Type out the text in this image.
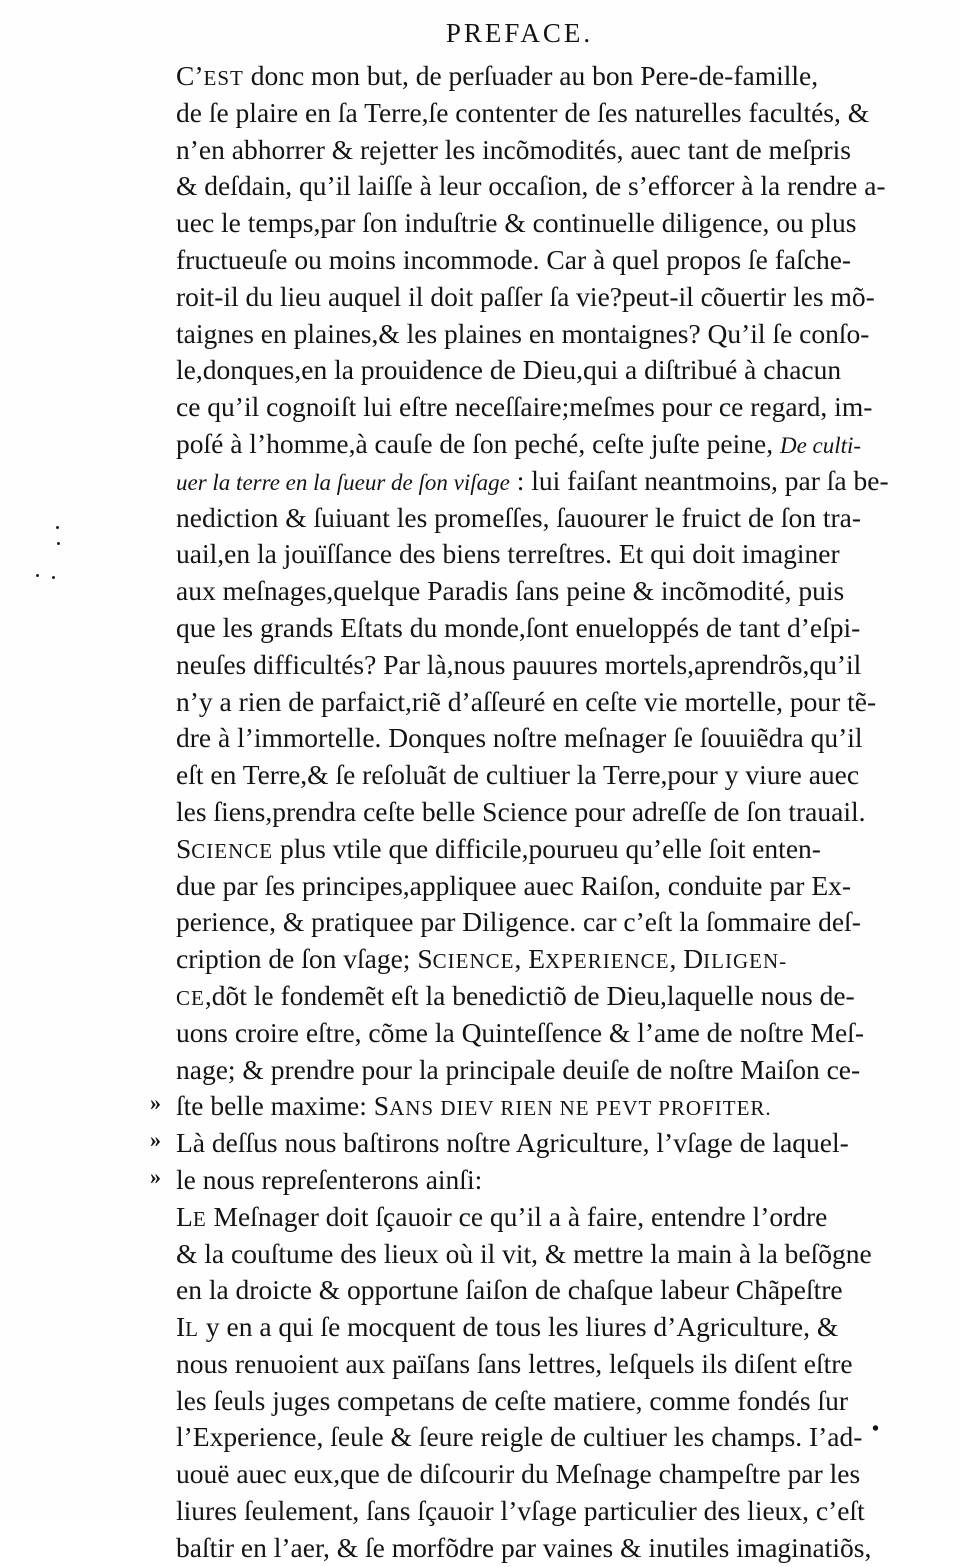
PREFACE.
C’EST donc mon but, de perſuader au bon Pere-de-famille,
de ſe plaire en ſa Terre,ſe contenter de ſes naturelles facultés, &
n’en abhorrer & rejetter les incõmodités, auec tant de meſpris
& deſdain, qu’il laiſſe à leur occaſion, de s’efforcer à la rendre a-
uec le temps,par ſon induſtrie & continuelle diligence, ou plus
fructueuſe ou moins incommode. Car à quel propos ſe faſche-
roit-il du lieu auquel il doit paſſer ſa vie?peut-il cõuertir les mõ-
taignes en plaines,& les plaines en montaignes? Qu’il ſe conſo-
le,donques,en la prouidence de Dieu,qui a diſtribué à chacun
ce qu’il cognoiſt lui eſtre neceſſaire;meſmes pour ce regard, im-
poſé à l’homme,à cauſe de ſon peché, ceſte juſte peine, De culti-
uer la terre en la ſueur de ſon viſage : lui faiſant neantmoins, par ſa be-
nediction & ſuiuant les promeſſes, ſauourer le fruict de ſon tra-
uail,en la jouïſſance des biens terreſtres. Et qui doit imaginer
aux meſnages,quelque Paradis ſans peine & incõmodité, puis
que les grands Eſtats du monde,ſont enueloppés de tant d’eſpi-
neuſes difficultés? Par là,nous pauures mortels,aprendrõs,qu’il
n’y a rien de parfaict,riẽ d’aſſeuré en ceſte vie mortelle, pour tẽ-
dre à l’immortelle. Donques noſtre meſnager ſe ſouuiẽdra qu’il
eſt en Terre,& ſe reſoluãt de cultiuer la Terre,pour y viure auec
les ſiens,prendra ceſte belle Science pour adreſſe de ſon trauail.
SCIENCE plus vtile que difficile,pourueu qu’elle ſoit enten-
due par ſes principes,appliquee auec Raiſon, conduite par Ex-
perience, & pratiquee par Diligence. car c’eſt la ſommaire deſ-
cription de ſon vſage; SCIENCE, EXPERIENCE, DILIGEN-
CE,dõt le fondemẽt eſt la benedictiõ de Dieu,laquelle nous de-
uons croire eſtre, cõme la Quinteſſence & l’ame de noſtre Meſ-
nage; & prendre pour la principale deuiſe de noſtre Maiſon ce-
ſte belle maxime: SANS DIEV RIEN NE PEVT PROFITER.
Là deſſus nous baſtirons noſtre Agriculture, l’vſage de laquel-
le nous repreſenterons ainſi:
LE Meſnager doit ſçauoir ce qu’il a à faire, entendre l’ordre
& la couſtume des lieux où il vit, & mettre la main à la beſõgne
en la droicte & opportune ſaiſon de chaſque labeur Chãpeſtre
IL y en a qui ſe mocquent de tous les liures d’Agriculture, &
nous renuoient aux païſans ſans lettres, leſquels ils diſent eſtre
les ſeuls juges competans de ceſte matiere, comme fondés ſur
l’Experience, ſeule & ſeure reigle de cultiuer les champs. I’ad-
uouë auec eux,que de diſcourir du Meſnage champeſtre par les
liures ſeulement, ſans ſçauoir l’vſage particulier des lieux, c’eſt
baſtir en l’aer, & ſe morfõdre par vaines & inutiles imaginatiõs,
»
»
»
•
